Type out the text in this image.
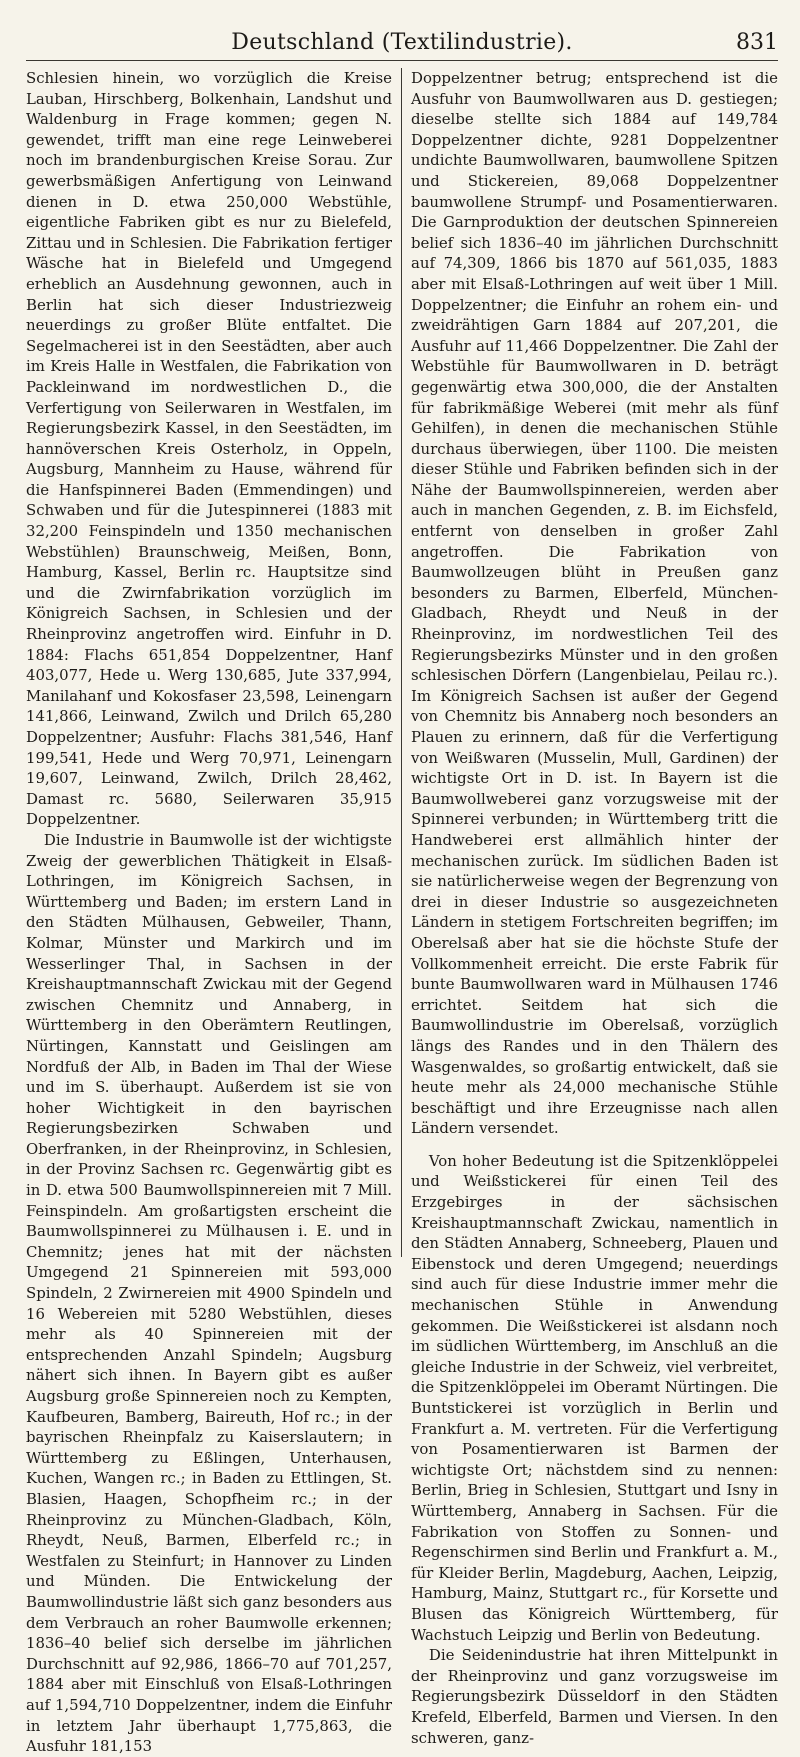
Deutschland (Textilindustrie).	831

Schlesien hinein, wo vorzüglich die Kreise Lauban, Hirschberg, Bolkenhain, Landshut und Waldenburg in Frage kommen; gegen N. gewendet, trifft man eine rege Leinweberei noch im brandenburgischen Kreise Sorau. Zur gewerbsmäßigen Anfertigung von Leinwand dienen in D. etwa 250,000 Webstühle, eigentliche Fabriken gibt es nur zu Bielefeld, Zittau und in Schlesien. Die Fabrikation fertiger Wäsche hat in Bielefeld und Umgegend erheblich an Ausdehnung gewonnen, auch in Berlin hat sich dieser Industriezweig neuerdings zu großer Blüte entfaltet. Die Segelmacherei ist in den Seestädten, aber auch im Kreis Halle in Westfalen, die Fabrikation von Packleinwand im nordwestlichen D., die Verfertigung von Seilerwaren in Westfalen, im Regierungsbezirk Kassel, in den Seestädten, im hannöverschen Kreis Osterholz, in Oppeln, Augsburg, Mannheim zu Hause, während für die Hanfspinnerei Baden (Emmendingen) und Schwaben und für die Jutespinnerei (1883 mit 32,200 Feinspindeln und 1350 mechanischen Webstühlen) Braunschweig, Meißen, Bonn, Hamburg, Kassel, Berlin rc. Hauptsitze sind und die Zwirnfabrikation vorzüglich im Königreich Sachsen, in Schlesien und der Rheinprovinz angetroffen wird. Einfuhr in D. 1884: Flachs 651,854 Doppelzentner, Hanf 403,077, Hede u. Werg 130,685, Jute 337,994, Manilahanf und Kokosfaser 23,598, Leinengarn 141,866, Leinwand, Zwilch und Drilch 65,280 Doppelzentner; Ausfuhr: Flachs 381,546, Hanf 199,541, Hede und Werg 70,971, Leinengarn 19,607, Leinwand, Zwilch, Drilch 28,462, Damast rc. 5680, Seilerwaren 35,915 Doppelzentner.

Die Industrie in Baumwolle ist der wichtigste Zweig der gewerblichen Thätigkeit in Elsaß-Lothringen, im Königreich Sachsen, in Württemberg und Baden; im erstern Land in den Städten Mülhausen, Gebweiler, Thann, Kolmar, Münster und Markirch und im Wesserlinger Thal, in Sachsen in der Kreishauptmannschaft Zwickau mit der Gegend zwischen Chemnitz und Annaberg, in Württemberg in den Oberämtern Reutlingen, Nürtingen, Kannstatt und Geislingen am Nordfuß der Alb, in Baden im Thal der Wiese und im S. überhaupt. Außerdem ist sie von hoher Wichtigkeit in den bayrischen Regierungsbezirken Schwaben und Oberfranken, in der Rheinprovinz, in Schlesien, in der Provinz Sachsen rc. Gegenwärtig gibt es in D. etwa 500 Baumwollspinnereien mit 7 Mill. Feinspindeln. Am großartigsten erscheint die Baumwollspinnerei zu Mülhausen i. E. und in Chemnitz; jenes hat mit der nächsten Umgegend 21 Spinnereien mit 593,000 Spindeln, 2 Zwirnereien mit 4900 Spindeln und 16 Webereien mit 5280 Webstühlen, dieses mehr als 40 Spinnereien mit der entsprechenden Anzahl Spindeln; Augsburg nähert sich ihnen. In Bayern gibt es außer Augsburg große Spinnereien noch zu Kempten, Kaufbeuren, Bamberg, Baireuth, Hof rc.; in der bayrischen Rheinpfalz zu Kaiserslautern; in Württemberg zu Eßlingen, Unterhausen, Kuchen, Wangen rc.; in Baden zu Ettlingen, St. Blasien, Haagen, Schopfheim rc.; in der Rheinprovinz zu München-Gladbach, Köln, Rheydt, Neuß, Barmen, Elberfeld rc.; in Westfalen zu Steinfurt; in Hannover zu Linden und Münden. Die Entwickelung der Baumwollindustrie läßt sich ganz besonders aus dem Verbrauch an roher Baumwolle erkennen; 1836–40 belief sich derselbe im jährlichen Durchschnitt auf 92,986, 1866–70 auf 701,257, 1884 aber mit Einschluß von Elsaß-Lothringen auf 1,594,710 Doppelzentner, indem die Einfuhr in letztem Jahr überhaupt 1,775,863, die Ausfuhr 181,153

Doppelzentner betrug; entsprechend ist die Ausfuhr von Baumwollwaren aus D. gestiegen; dieselbe stellte sich 1884 auf 149,784 Doppelzentner dichte, 9281 Doppelzentner undichte Baumwollwaren, baumwollene Spitzen und Stickereien, 89,068 Doppelzentner baumwollene Strumpf- und Posamentierwaren. Die Garnproduktion der deutschen Spinnereien belief sich 1836–40 im jährlichen Durchschnitt auf 74,309, 1866 bis 1870 auf 561,035, 1883 aber mit Elsaß-Lothringen auf weit über 1 Mill. Doppelzentner; die Einfuhr an rohem ein- und zweidrähtigen Garn 1884 auf 207,201, die Ausfuhr auf 11,466 Doppelzentner. Die Zahl der Webstühle für Baumwollwaren in D. beträgt gegenwärtig etwa 300,000, die der Anstalten für fabrikmäßige Weberei (mit mehr als fünf Gehilfen), in denen die mechanischen Stühle durchaus überwiegen, über 1100. Die meisten dieser Stühle und Fabriken befinden sich in der Nähe der Baumwollspinnereien, werden aber auch in manchen Gegenden, z. B. im Eichsfeld, entfernt von denselben in großer Zahl angetroffen. Die Fabrikation von Baumwollzeugen blüht in Preußen ganz besonders zu Barmen, Elberfeld, München-Gladbach, Rheydt und Neuß in der Rheinprovinz, im nordwestlichen Teil des Regierungsbezirks Münster und in den großen schlesischen Dörfern (Langenbielau, Peilau rc.). Im Königreich Sachsen ist außer der Gegend von Chemnitz bis Annaberg noch besonders an Plauen zu erinnern, daß für die Verfertigung von Weißwaren (Musselin, Mull, Gardinen) der wichtigste Ort in D. ist. In Bayern ist die Baumwollweberei ganz vorzugsweise mit der Spinnerei verbunden; in Württemberg tritt die Handweberei erst allmählich hinter der mechanischen zurück. Im südlichen Baden ist sie natürlicherweise wegen der Begrenzung von drei in dieser Industrie so ausgezeichneten Ländern in stetigem Fortschreiten begriffen; im Oberelsaß aber hat sie die höchste Stufe der Vollkommenheit erreicht. Die erste Fabrik für bunte Baumwollwaren ward in Mülhausen 1746 errichtet. Seitdem hat sich die Baumwollindustrie im Oberelsaß, vorzüglich längs des Randes und in den Thälern des Wasgenwaldes, so großartig entwickelt, daß sie heute mehr als 24,000 mechanische Stühle beschäftigt und ihre Erzeugnisse nach allen Ländern versendet.

Von hoher Bedeutung ist die Spitzenklöppelei und Weißstickerei für einen Teil des Erzgebirges in der sächsischen Kreishauptmannschaft Zwickau, namentlich in den Städten Annaberg, Schneeberg, Plauen und Eibenstock und deren Umgegend; neuerdings sind auch für diese Industrie immer mehr die mechanischen Stühle in Anwendung gekommen. Die Weißstickerei ist alsdann noch im südlichen Württemberg, im Anschluß an die gleiche Industrie in der Schweiz, viel verbreitet, die Spitzenklöppelei im Oberamt Nürtingen. Die Buntstickerei ist vorzüglich in Berlin und Frankfurt a. M. vertreten. Für die Verfertigung von Posamentierwaren ist Barmen der wichtigste Ort; nächstdem sind zu nennen: Berlin, Brieg in Schlesien, Stuttgart und Isny in Württemberg, Annaberg in Sachsen. Für die Fabrikation von Stoffen zu Sonnen- und Regenschirmen sind Berlin und Frankfurt a. M., für Kleider Berlin, Magdeburg, Aachen, Leipzig, Hamburg, Mainz, Stuttgart rc., für Korsette und Blusen das Königreich Württemberg, für Wachstuch Leipzig und Berlin von Bedeutung.

Die Seidenindustrie hat ihren Mittelpunkt in der Rheinprovinz und ganz vorzugsweise im Regierungsbezirk Düsseldorf in den Städten Krefeld, Elberfeld, Barmen und Viersen. In den schweren, ganz-
